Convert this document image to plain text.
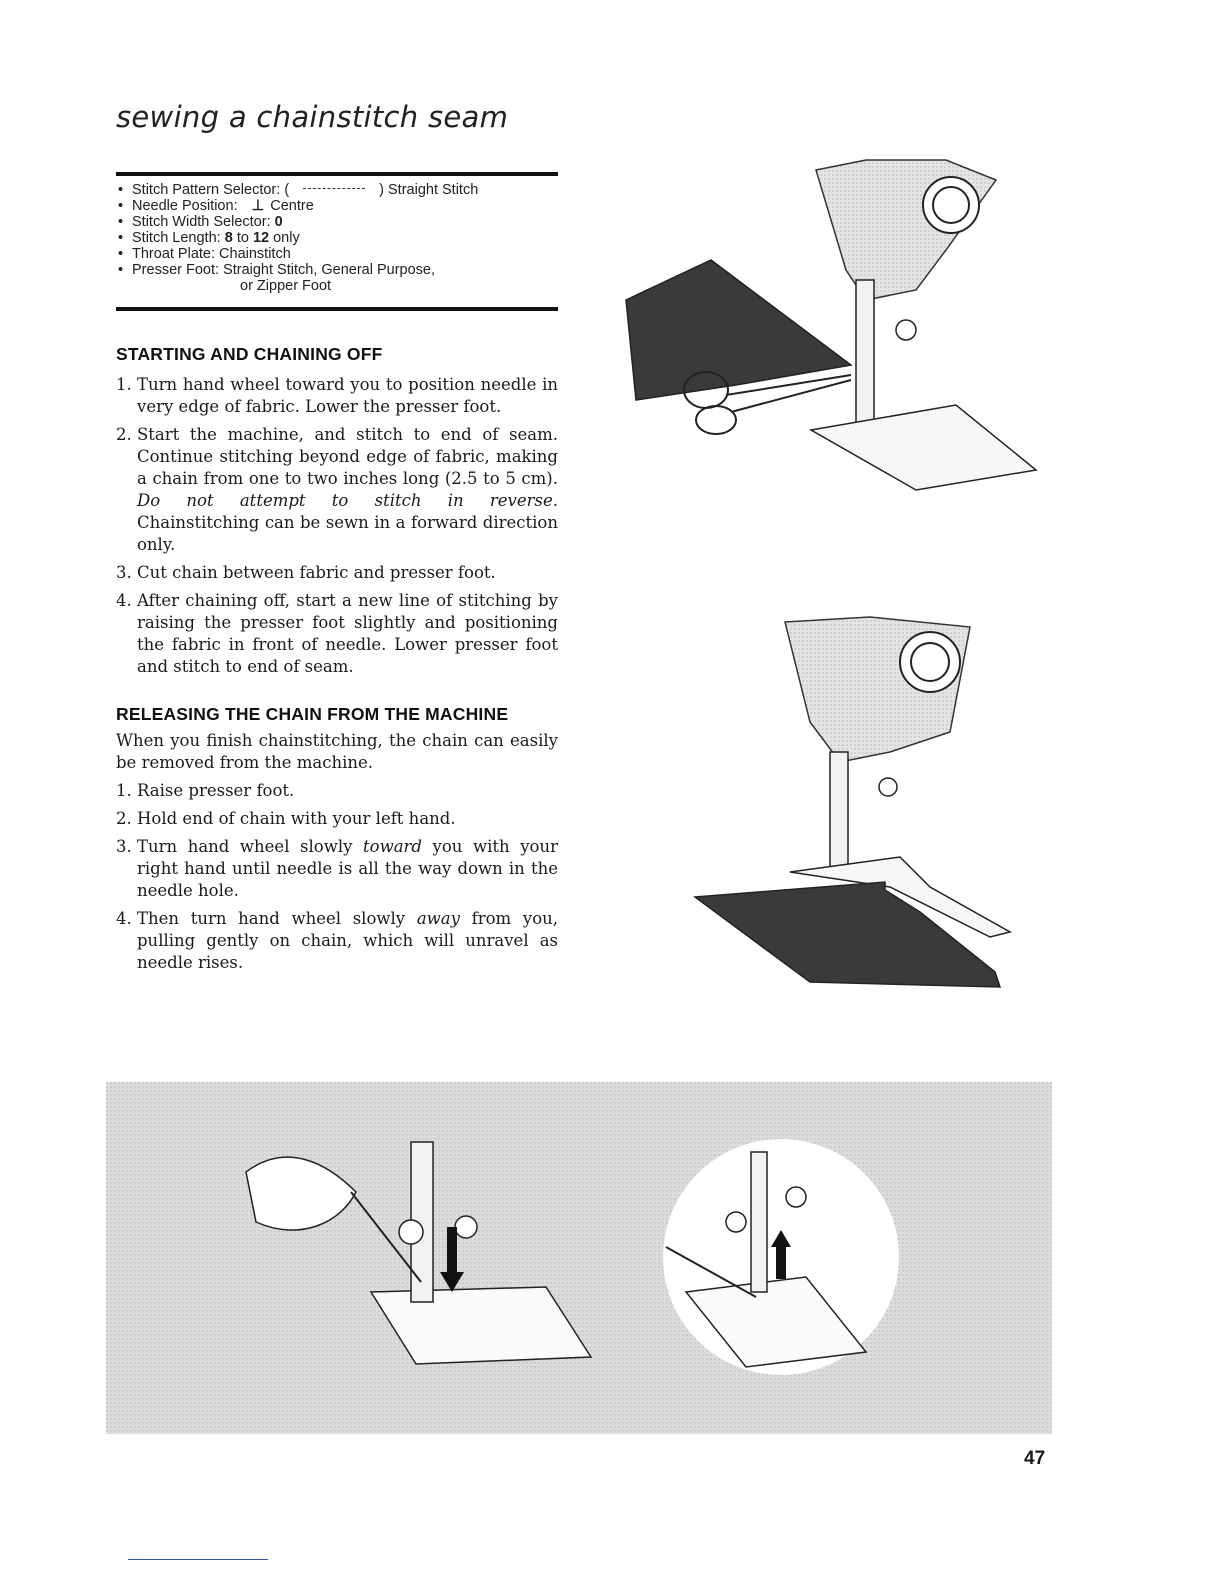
sewing a chainstitch seam
• Stitch Pattern Selector: (	) Straight Stitch
• Needle Position: ⊥ Centre
• Stitch Width Selector: 0
• Stitch Length: 8 to 12 only
• Throat Plate: Chainstitch
• Presser Foot: Straight Stitch, General Purpose,
or Zipper Foot
STARTING AND CHAINING OFF
1. Turn hand wheel toward you to position needle in very edge of fabric. Lower the presser foot.
2. Start the machine, and stitch to end of seam. Continue stitching beyond edge of fabric, making a chain from one to two inches long (2.5 to 5 cm). Do not attempt to stitch in reverse. Chainstitching can be sewn in a forward direction only.
3. Cut chain between fabric and presser foot.
4. After chaining off, start a new line of stitching by raising the presser foot slightly and positioning the fabric in front of needle. Lower presser foot and stitch to end of seam.
RELEASING THE CHAIN FROM THE MACHINE

When you finish chainstitching, the chain can easily be removed from the machine.

1. Raise presser foot.
2. Hold end of chain with your left hand.
3. Turn hand wheel slowly toward you with your right hand until needle is all the way down in the needle hole.
4. Then turn hand wheel slowly away from you, pulling gently on chain, which will unravel as needle rises.
47
